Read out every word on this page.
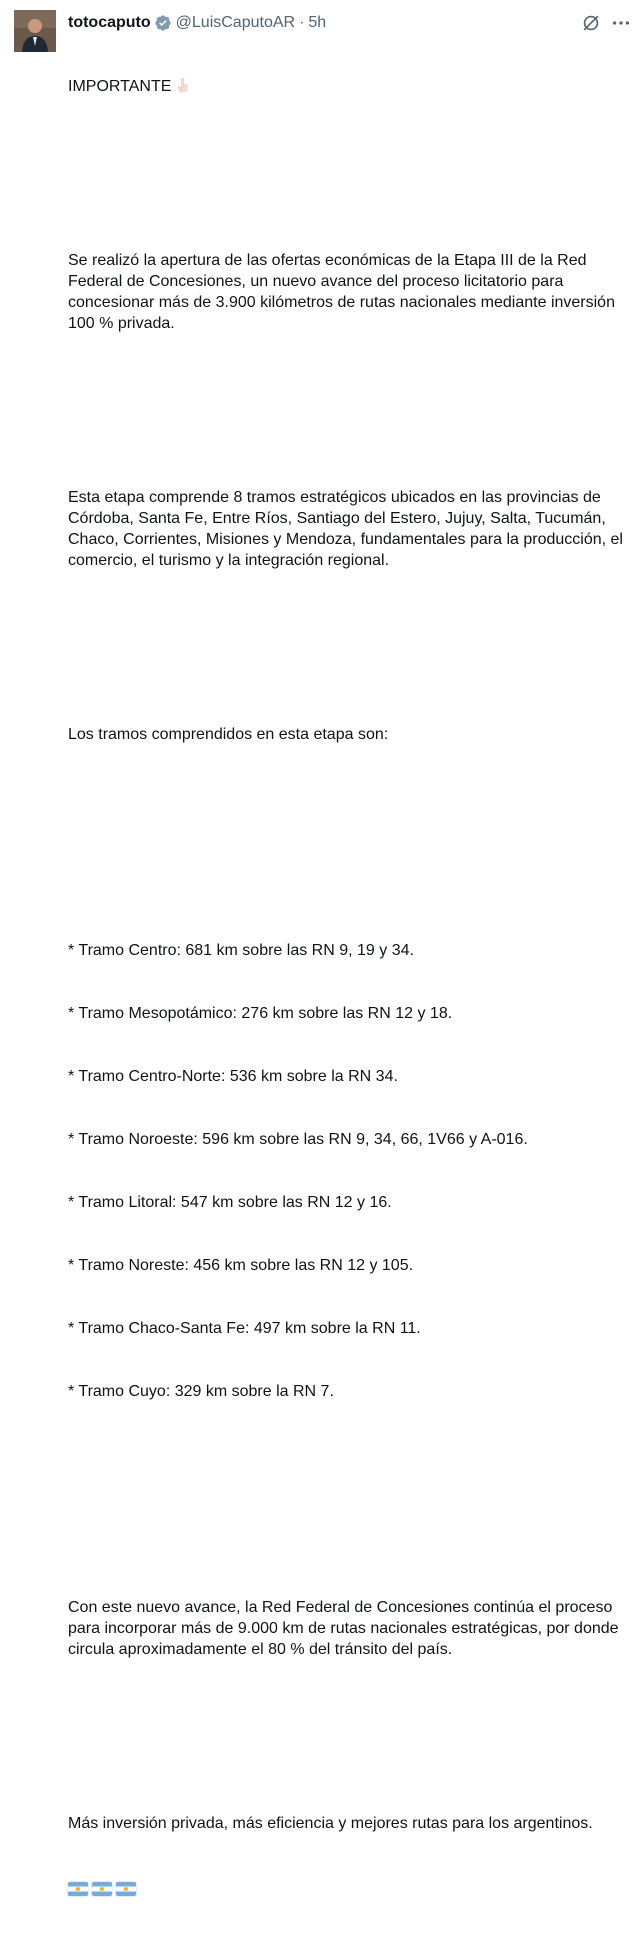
totocaputo @LuisCaputoAR · 5h

IMPORTANTE

Se realizó la apertura de las ofertas económicas de la Etapa III de la Red Federal de Concesiones, un nuevo avance del proceso licitatorio para concesionar más de 3.900 kilómetros de rutas nacionales mediante inversión 100 % privada.

Esta etapa comprende 8 tramos estratégicos ubicados en las provincias de Córdoba, Santa Fe, Entre Ríos, Santiago del Estero, Jujuy, Salta, Tucumán, Chaco, Corrientes, Misiones y Mendoza, fundamentales para la producción, el comercio, el turismo y la integración regional.

Los tramos comprendidos en esta etapa son:

* Tramo Centro: 681 km sobre las RN 9, 19 y 34.

* Tramo Mesopotámico: 276 km sobre las RN 12 y 18.

* Tramo Centro-Norte: 536 km sobre la RN 34.

* Tramo Noroeste: 596 km sobre las RN 9, 34, 66, 1V66 y A-016.

* Tramo Litoral: 547 km sobre las RN 12 y 16.

* Tramo Noreste: 456 km sobre las RN 12 y 105.

* Tramo Chaco-Santa Fe: 497 km sobre la RN 11.

* Tramo Cuyo: 329 km sobre la RN 7.

Con este nuevo avance, la Red Federal de Concesiones continúa el proceso para incorporar más de 9.000 km de rutas nacionales estratégicas, por donde circula aproximadamente el 80 % del tránsito del país.

Más inversión privada, más eficiencia y mejores rutas para los argentinos.
